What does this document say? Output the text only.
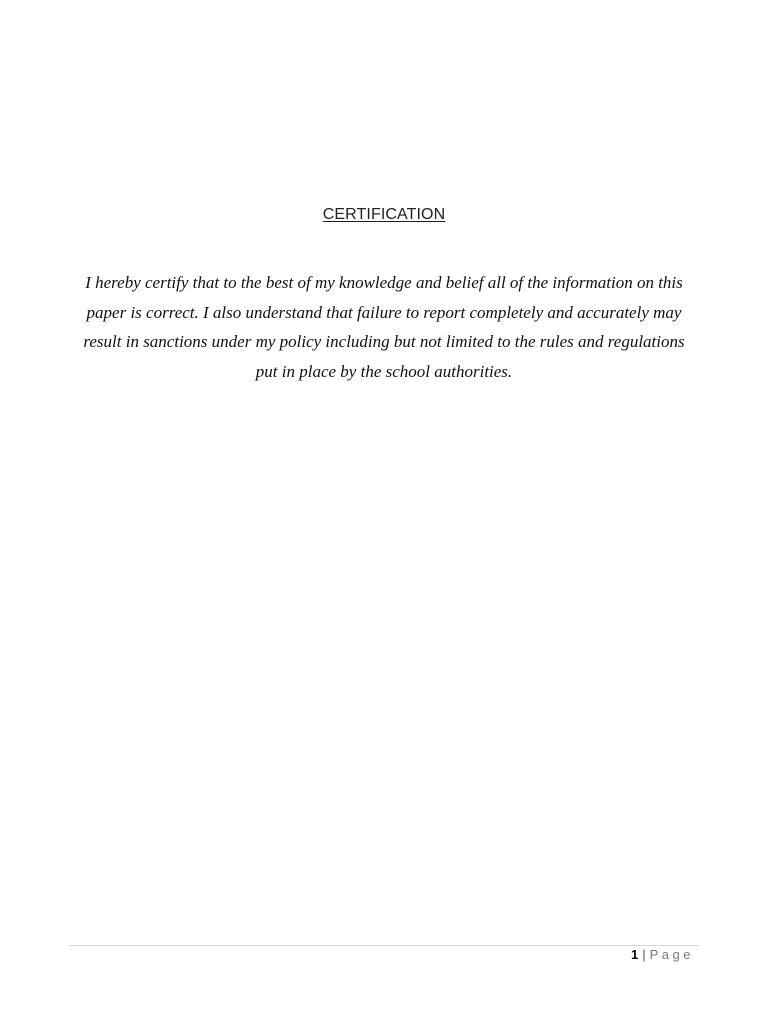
CERTIFICATION
I hereby certify that to the best of my knowledge and belief all of the information on this paper is correct. I also understand that failure to report completely and accurately may result in sanctions under my policy including but not limited to the rules and regulations put in place by the school authorities.
1 | Page
